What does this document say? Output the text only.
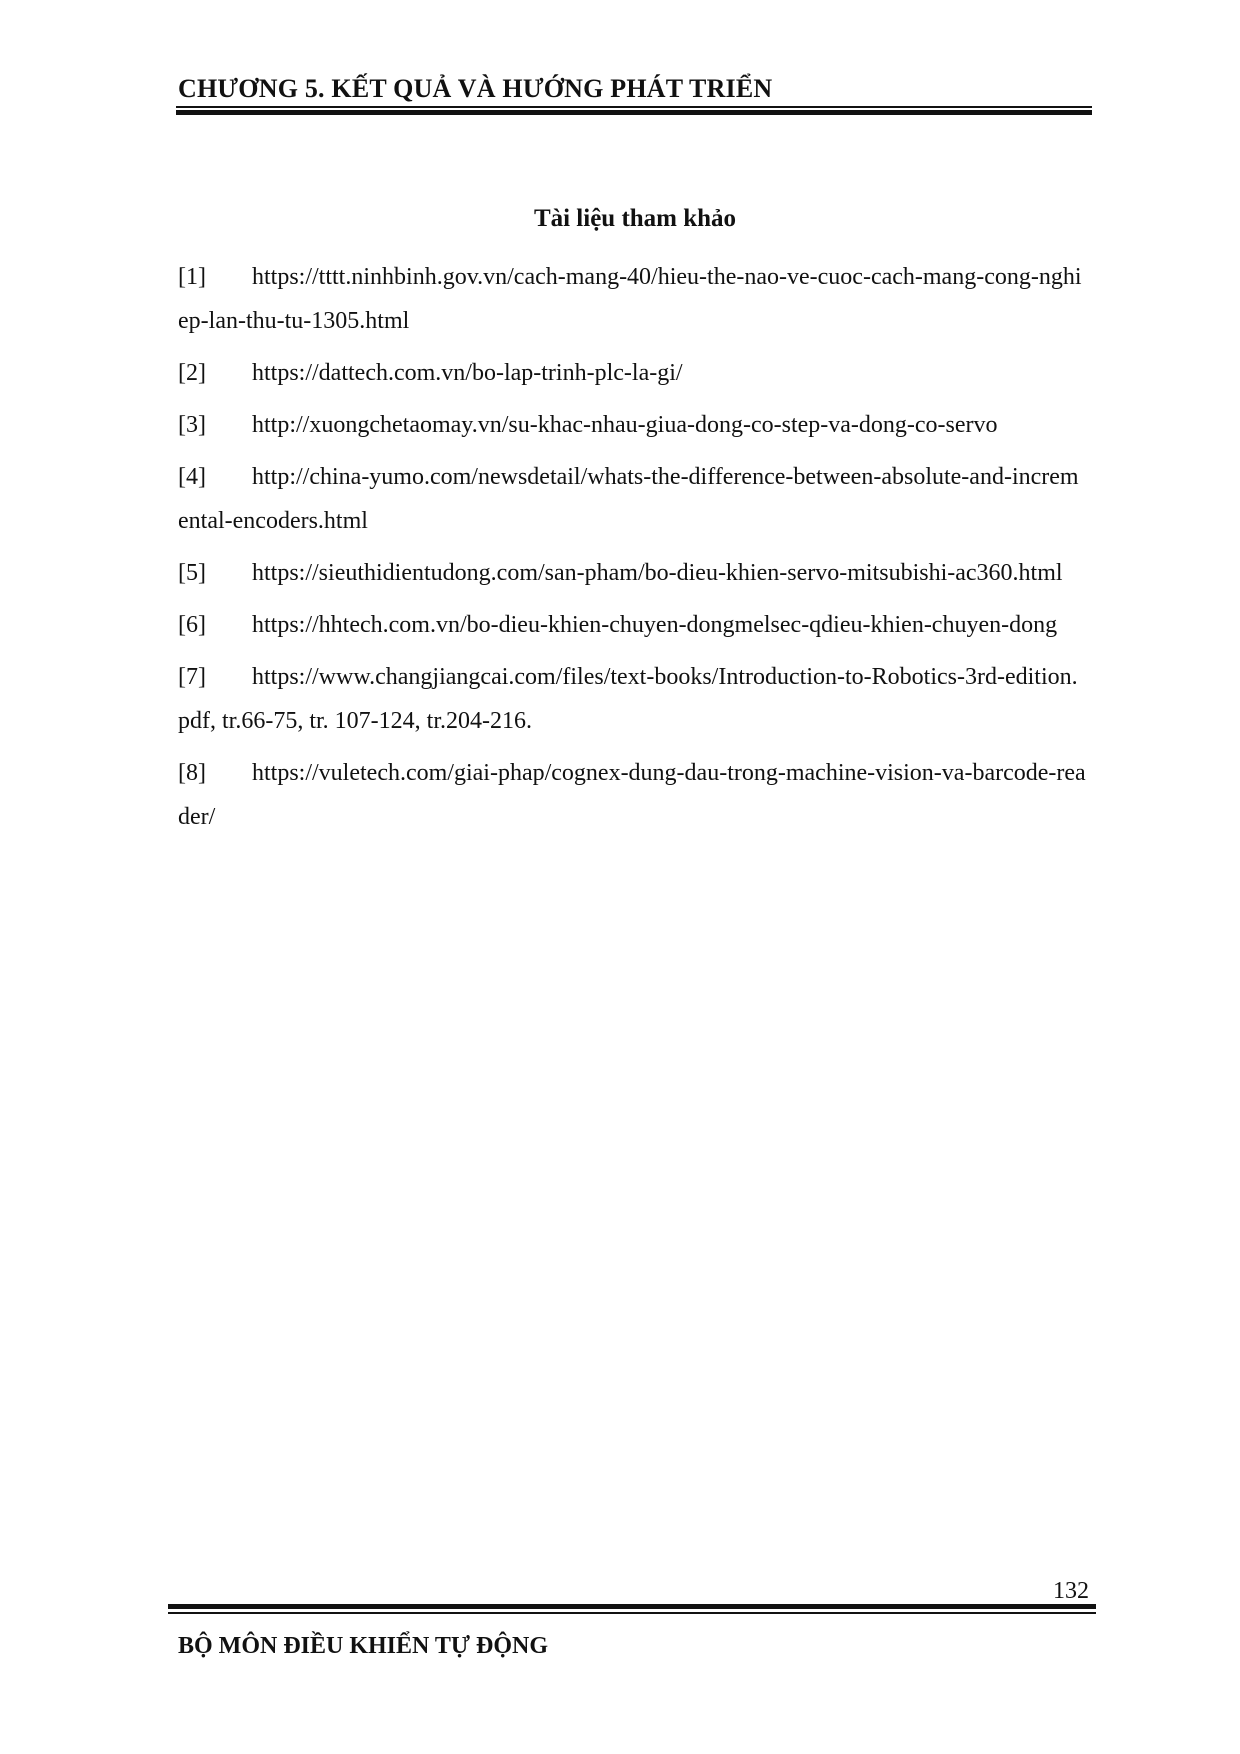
CHƯƠNG 5. KẾT QUẢ VÀ HƯỚNG PHÁT TRIỂN
Tài liệu tham khảo

[1] https://tttt.ninhbinh.gov.vn/cach-mang-40/hieu-the-nao-ve-cuoc-cach-mang-cong-nghiep-lan-thu-tu-1305.html

[2] https://dattech.com.vn/bo-lap-trinh-plc-la-gi/

[3] http://xuongchetaomay.vn/su-khac-nhau-giua-dong-co-step-va-dong-co-servo

[4] http://china-yumo.com/newsdetail/whats-the-difference-between-absolute-and-incremental-encoders.html

[5] https://sieuthidientudong.com/san-pham/bo-dieu-khien-servo-mitsubishi-ac360.html

[6] https://hhtech.com.vn/bo-dieu-khien-chuyen-dongmelsec-qdieu-khien-chuyen-dong

[7] https://www.changjiangcai.com/files/text-books/Introduction-to-Robotics-3rd-edition.pdf, tr.66-75, tr. 107-124, tr.204-216.

[8] https://vuletech.com/giai-phap/cognex-dung-dau-trong-machine-vision-va-barcode-reader/

132
BỘ MÔN ĐIỀU KHIỂN TỰ ĐỘNG
